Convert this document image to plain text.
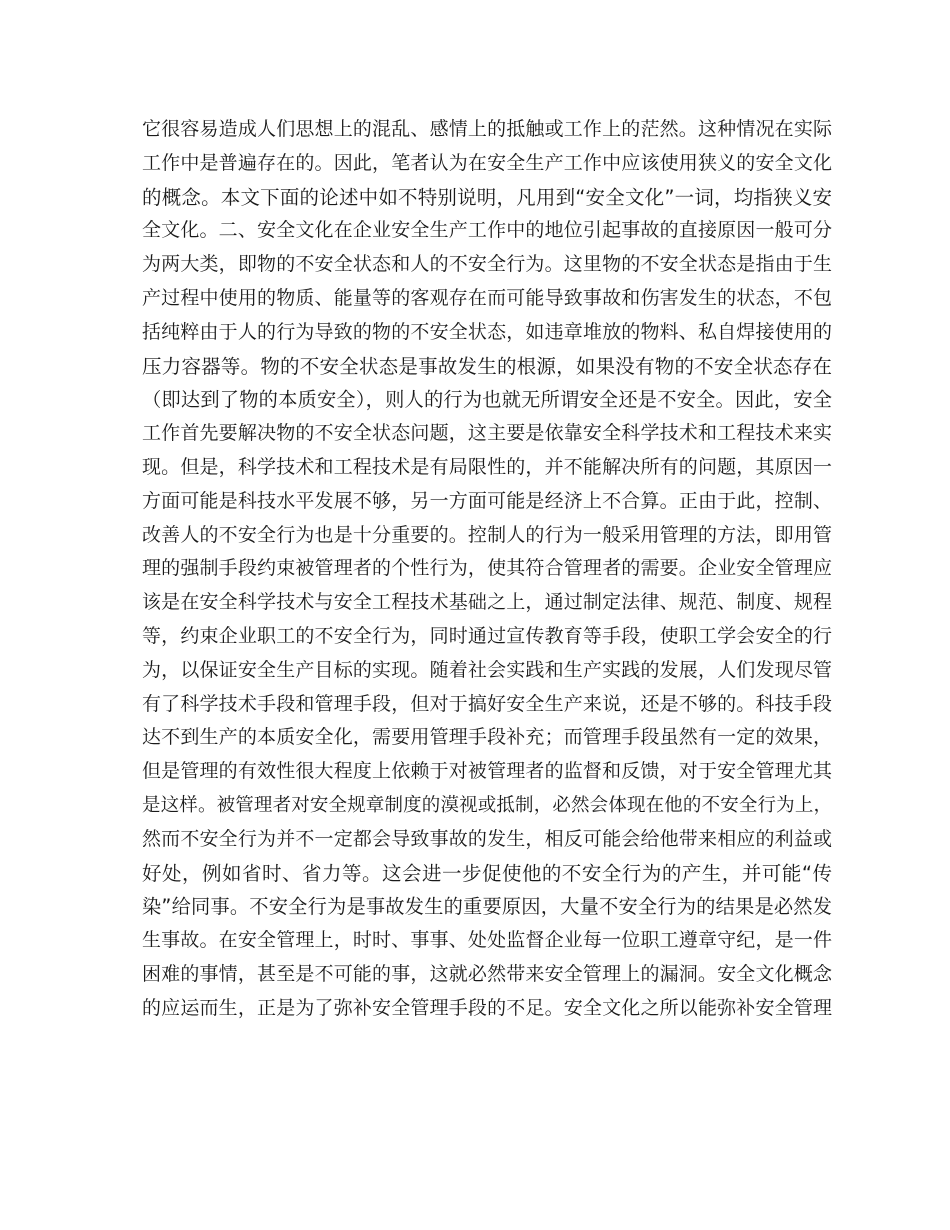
它很容易造成人们思想上的混乱、感情上的抵触或工作上的茫然。这种情况在实际
工作中是普遍存在的。因此，笔者认为在安全生产工作中应该使用狭义的安全文化
的概念。本文下面的论述中如不特别说明，凡用到“安全文化”一词，均指狭义安
全文化。二、安全文化在企业安全生产工作中的地位引起事故的直接原因一般可分
为两大类，即物的不安全状态和人的不安全行为。这里物的不安全状态是指由于生
产过程中使用的物质、能量等的客观存在而可能导致事故和伤害发生的状态，不包
括纯粹由于人的行为导致的物的不安全状态，如违章堆放的物料、私自焊接使用的
压力容器等。物的不安全状态是事故发生的根源，如果没有物的不安全状态存在
（即达到了物的本质安全），则人的行为也就无所谓安全还是不安全。因此，安全
工作首先要解决物的不安全状态问题，这主要是依靠安全科学技术和工程技术来实
现。但是，科学技术和工程技术是有局限性的，并不能解决所有的问题，其原因一
方面可能是科技水平发展不够，另一方面可能是经济上不合算。正由于此，控制、
改善人的不安全行为也是十分重要的。控制人的行为一般采用管理的方法，即用管
理的强制手段约束被管理者的个性行为，使其符合管理者的需要。企业安全管理应
该是在安全科学技术与安全工程技术基础之上，通过制定法律、规范、制度、规程
等，约束企业职工的不安全行为，同时通过宣传教育等手段，使职工学会安全的行
为，以保证安全生产目标的实现。随着社会实践和生产实践的发展，人们发现尽管
有了科学技术手段和管理手段，但对于搞好安全生产来说，还是不够的。科技手段
达不到生产的本质安全化，需要用管理手段补充；而管理手段虽然有一定的效果，
但是管理的有效性很大程度上依赖于对被管理者的监督和反馈，对于安全管理尤其
是这样。被管理者对安全规章制度的漠视或抵制，必然会体现在他的不安全行为上，
然而不安全行为并不一定都会导致事故的发生，相反可能会给他带来相应的利益或
好处，例如省时、省力等。这会进一步促使他的不安全行为的产生，并可能“传
染”给同事。不安全行为是事故发生的重要原因，大量不安全行为的结果是必然发
生事故。在安全管理上，时时、事事、处处监督企业每一位职工遵章守纪，是一件
困难的事情，甚至是不可能的事，这就必然带来安全管理上的漏洞。安全文化概念
的应运而生，正是为了弥补安全管理手段的不足。安全文化之所以能弥补安全管理
